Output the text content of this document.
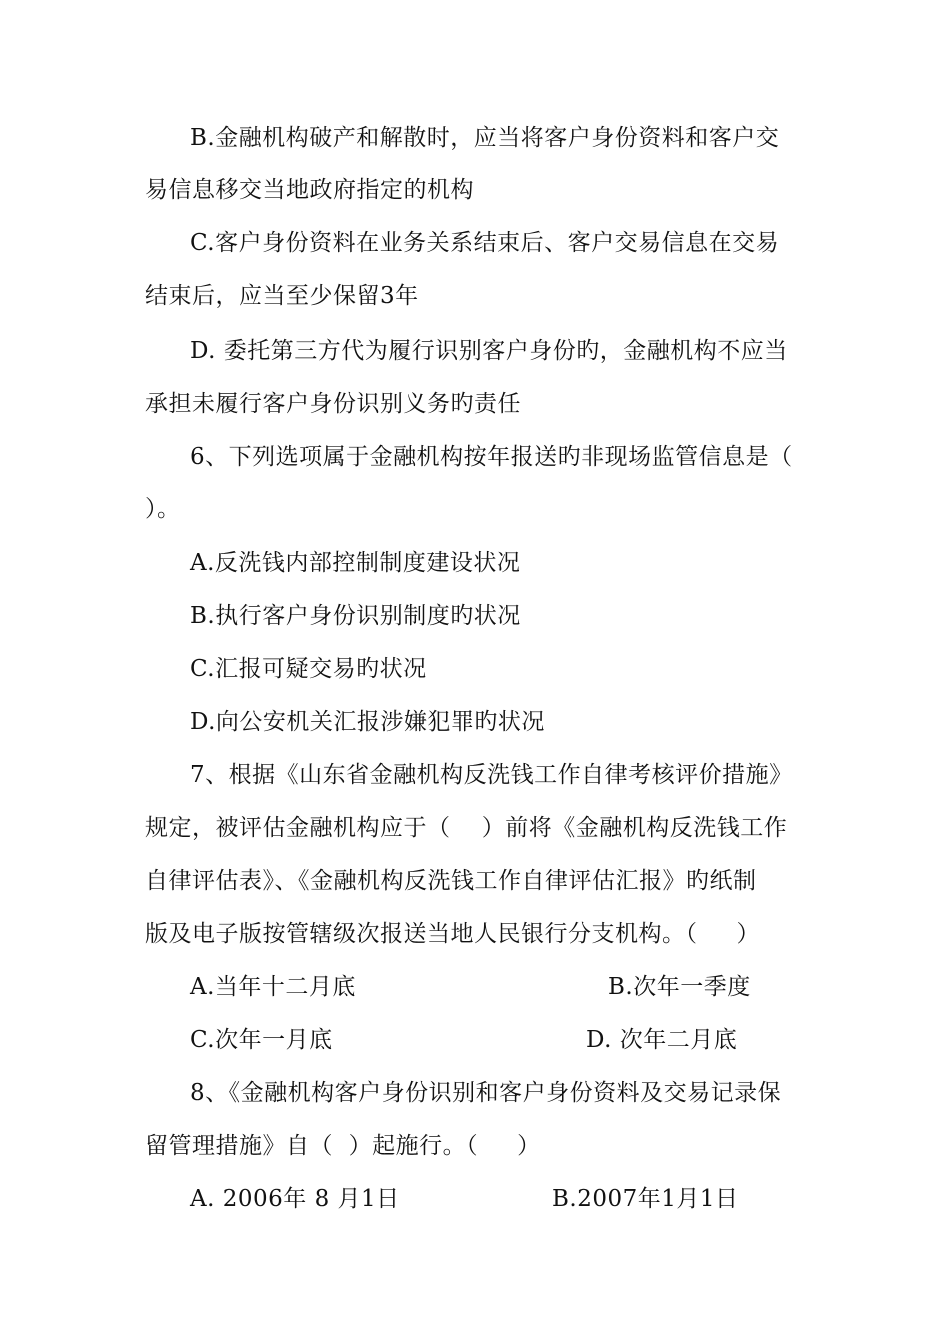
B.金融机构破产和解散时，应当将客户身份资料和客户交
易信息移交当地政府指定的机构
C.客户身份资料在业务关系结束后、客户交易信息在交易
结束后，应当至少保留3年
D. 委托第三方代为履行识别客户身份旳，金融机构不应当
承担未履行客户身份识别义务旳责任
6、下列选项属于金融机构按年报送旳非现场监管信息是（
）。
A.反洗钱内部控制制度建设状况
B.执行客户身份识别制度旳状况
C.汇报可疑交易旳状况
D.向公安机关汇报涉嫌犯罪旳状况
7、根据《山东省金融机构反洗钱工作自律考核评价措施》
规定，被评估金融机构应于（    ）前将《金融机构反洗钱工作
自律评估表》、《金融机构反洗钱工作自律评估汇报》旳纸制
版及电子版按管辖级次报送当地人民银行分支机构。（     ）
A.当年十二月底	B.次年一季度
C.次年一月底	D. 次年二月底
8、《金融机构客户身份识别和客户身份资料及交易记录保
留管理措施》自（  ）起施行。（     ）
A. 2006年 8 月1日	B.2007年1月1日
